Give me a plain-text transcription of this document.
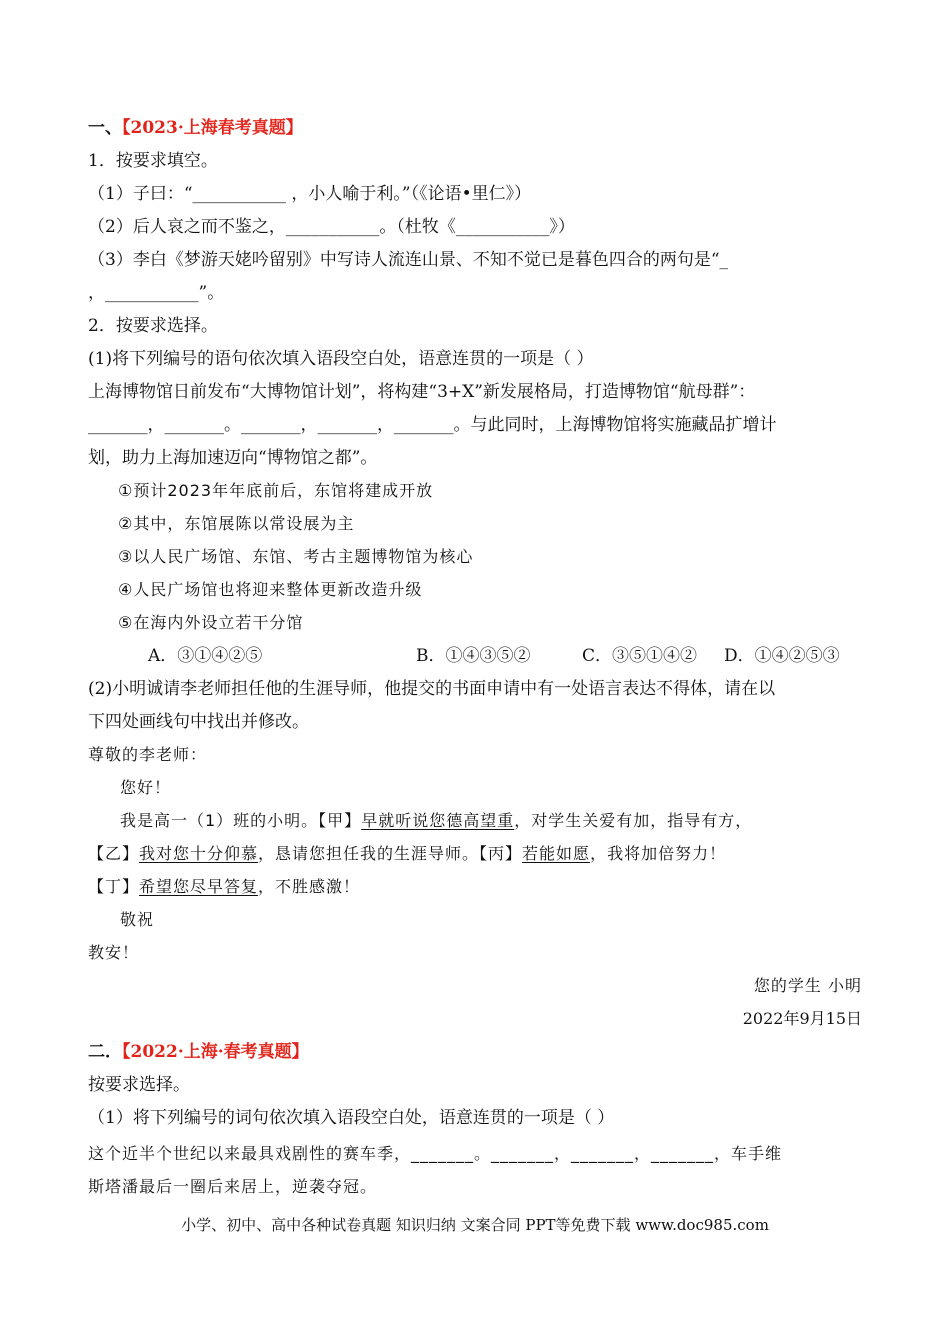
一、【2023·上海春考真题】
1．按要求填空。
（1）子曰：“___________ ，小人喻于利。”（《论语•里仁》）
（2）后人哀之而不鉴之，___________。（杜牧《___________》）
（3）李白《梦游天姥吟留别》中写诗人流连山景、不知不觉已是暮色四合的两句是“_
，___________”。
2．按要求选择。
(1)将下列编号的语句依次填入语段空白处，语意连贯的一项是（ ）
上海博物馆日前发布“大博物馆计划”，将构建“3+X”新发展格局，打造博物馆“航母群”：
_______，_______。_______，_______，_______。与此同时，上海博物馆将实施藏品扩增计
划，助力上海加速迈向“博物馆之都”。
①预计2023年年底前后，东馆将建成开放
②其中，东馆展陈以常设展为主
③以人民广场馆、东馆、考古主题博物馆为核心
④人民广场馆也将迎来整体更新改造升级
⑤在海内外设立若干分馆
A．③①④②⑤	B．①④③⑤②	C．③⑤①④② D．①④②⑤③
(2)小明诚请李老师担任他的生涯导师，他提交的书面申请中有一处语言表达不得体，请在以
下四处画线句中找出并修改。
尊敬的李老师：
您好！
我是高一（1）班的小明。【甲】早就听说您德高望重，对学生关爱有加，指导有方，
【乙】我对您十分仰慕，恳请您担任我的生涯导师。【丙】若能如愿，我将加倍努力！
【丁】希望您尽早答复，不胜感激！
敬祝
教安！
您的学生 小明
2022年9月15日
二．【2022·上海·春考真题】
按要求选择。
（1）将下列编号的词句依次填入语段空白处，语意连贯的一项是（ ）
这个近半个世纪以来最具戏剧性的赛车季，_______。_______，_______，_______，车手维
斯塔潘最后一圈后来居上，逆袭夺冠。
小学、初中、高中各种试卷真题 知识归纳 文案合同 PPT等免费下载 www.doc985.com
